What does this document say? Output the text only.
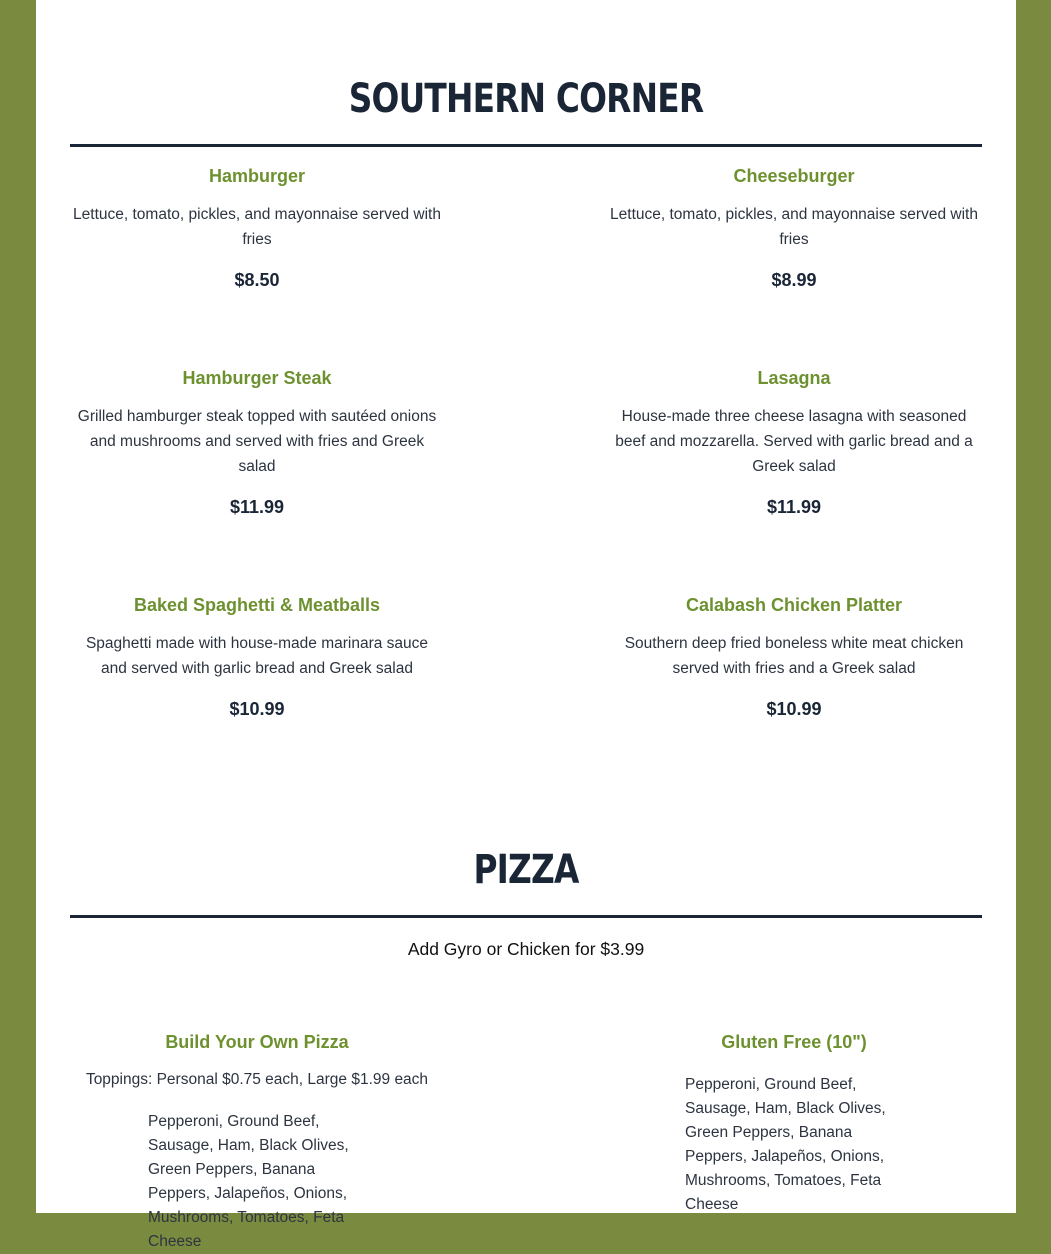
SOUTHERN CORNER
Hamburger
Lettuce, tomato, pickles, and mayonnaise served with fries
$8.50
Cheeseburger
Lettuce, tomato, pickles, and mayonnaise served with fries
$8.99
Hamburger Steak
Grilled hamburger steak topped with sautéed onions and mushrooms and served with fries and Greek salad
$11.99
Lasagna
House-made three cheese lasagna with seasoned beef and mozzarella. Served with garlic bread and a Greek salad
$11.99
Baked Spaghetti & Meatballs
Spaghetti made with house-made marinara sauce and served with garlic bread and Greek salad
$10.99
Calabash Chicken Platter
Southern deep fried boneless white meat chicken served with fries and a Greek salad
$10.99
PIZZA
Add Gyro or Chicken for $3.99
Build Your Own Pizza
Toppings: Personal $0.75 each, Large $1.99 each
Pepperoni, Ground Beef, Sausage, Ham, Black Olives, Green Peppers, Banana Peppers, Jalapeños, Onions, Mushrooms, Tomatoes, Feta Cheese
Gluten Free (10")
Pepperoni, Ground Beef, Sausage, Ham, Black Olives, Green Peppers, Banana Peppers, Jalapeños, Onions, Mushrooms, Tomatoes, Feta Cheese
